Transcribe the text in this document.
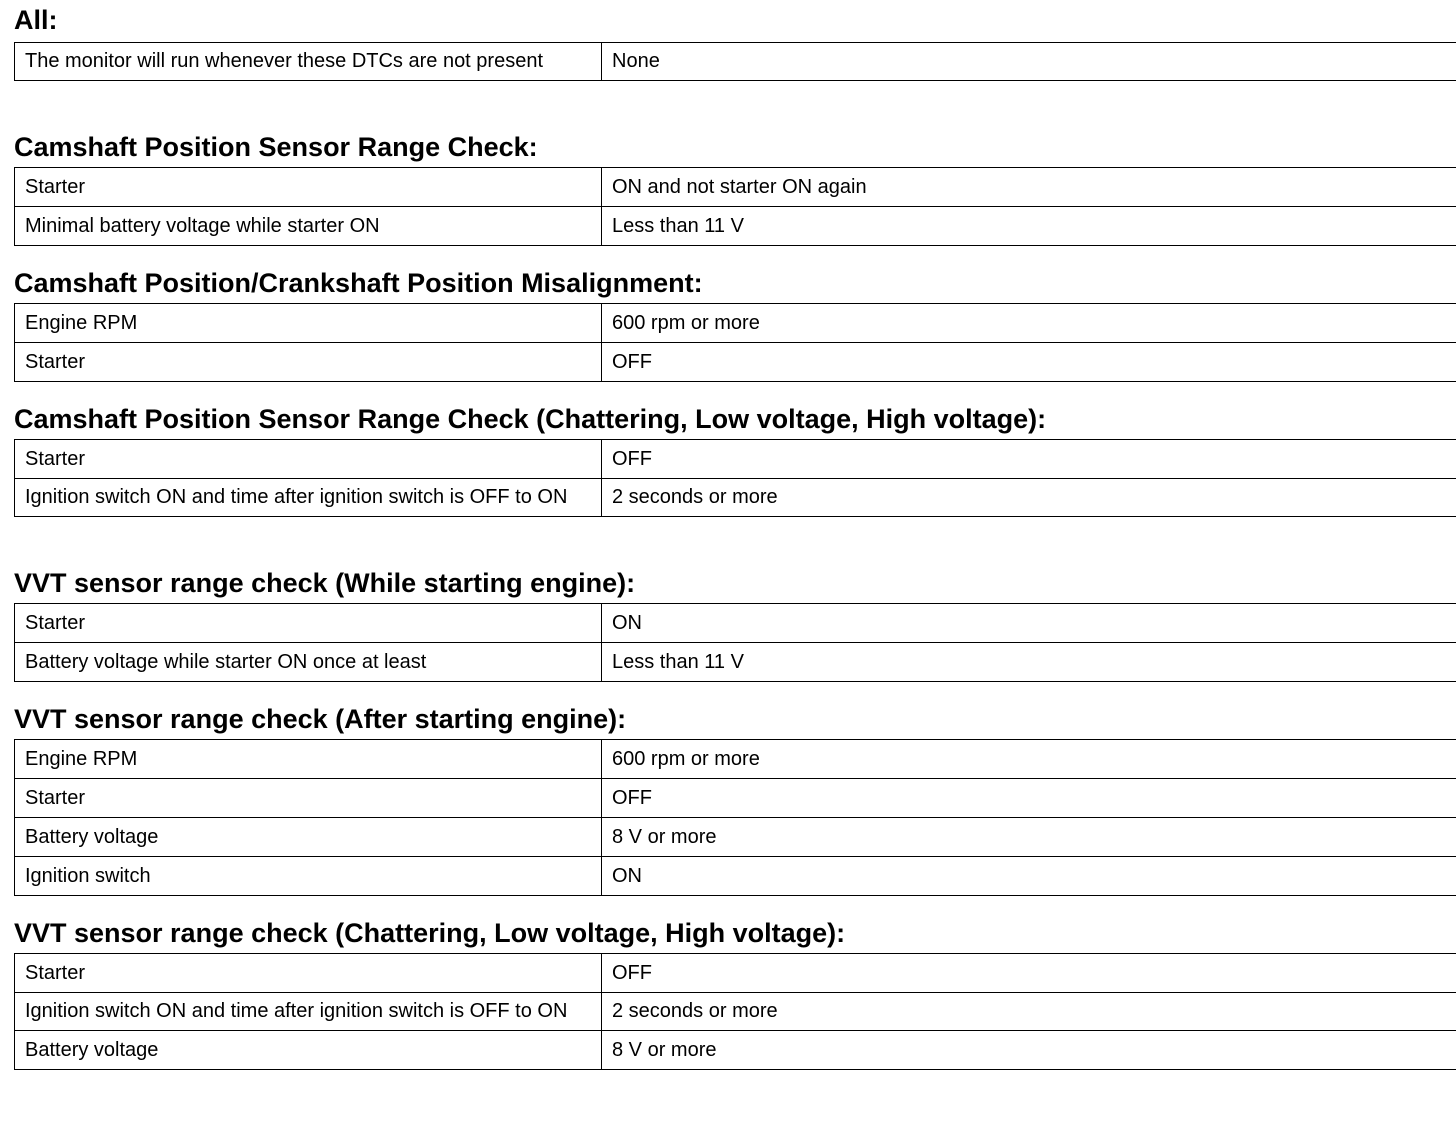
All:
The monitor will run whenever these DTCs are not present	None
Camshaft Position Sensor Range Check:
Starter	ON and not starter ON again
Minimal battery voltage while starter ON	Less than 11 V
Camshaft Position/Crankshaft Position Misalignment:
Engine RPM	600 rpm or more
Starter	OFF
Camshaft Position Sensor Range Check (Chattering, Low voltage, High voltage):
Starter	OFF
Ignition switch ON and time after ignition switch is OFF to ON	2 seconds or more
VVT sensor range check (While starting engine):
Starter	ON
Battery voltage while starter ON once at least	Less than 11 V
VVT sensor range check (After starting engine):
Engine RPM	600 rpm or more
Starter	OFF
Battery voltage	8 V or more
Ignition switch	ON
VVT sensor range check (Chattering, Low voltage, High voltage):
Starter	OFF
Ignition switch ON and time after ignition switch is OFF to ON	2 seconds or more
Battery voltage	8 V or more
